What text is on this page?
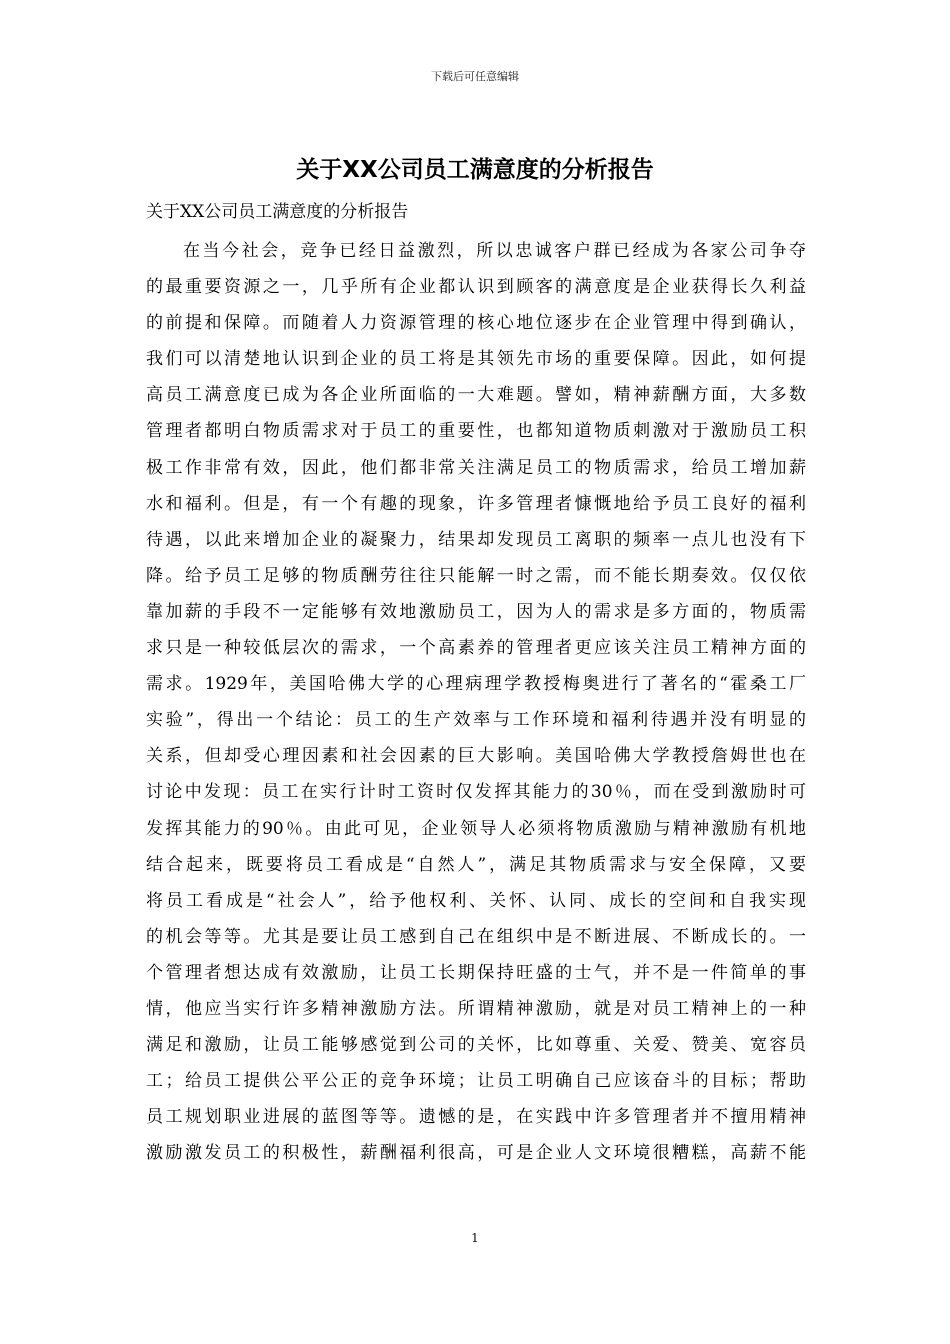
下载后可任意编辑
关于XX公司员工满意度的分析报告

关于XX公司员工满意度的分析报告

在当今社会，竞争已经日益激烈，所以忠诚客户群已经成为各家公司争夺
的最重要资源之一，几乎所有企业都认识到顾客的满意度是企业获得长久利益
的前提和保障。而随着人力资源管理的核心地位逐步在企业管理中得到确认，
我们可以清楚地认识到企业的员工将是其领先市场的重要保障。因此，如何提
高员工满意度已成为各企业所面临的一大难题。譬如，精神薪酬方面，大多数
管理者都明白物质需求对于员工的重要性，也都知道物质刺激对于激励员工积
极工作非常有效，因此，他们都非常关注满足员工的物质需求，给员工增加薪
水和福利。但是，有一个有趣的现象，许多管理者慷慨地给予员工良好的福利
待遇，以此来增加企业的凝聚力，结果却发现员工离职的频率一点儿也没有下
降。给予员工足够的物质酬劳往往只能解一时之需，而不能长期奏效。仅仅依
靠加薪的手段不一定能够有效地激励员工，因为人的需求是多方面的，物质需
求只是一种较低层次的需求，一个高素养的管理者更应该关注员工精神方面的
需求。1929年，美国哈佛大学的心理病理学教授梅奥进行了著名的“霍桑工厂
实验”，得出一个结论：员工的生产效率与工作环境和福利待遇并没有明显的
关系，但却受心理因素和社会因素的巨大影响。美国哈佛大学教授詹姆世也在
讨论中发现：员工在实行计时工资时仅发挥其能力的30％，而在受到激励时可
发挥其能力的90％。由此可见，企业领导人必须将物质激励与精神激励有机地
结合起来，既要将员工看成是“自然人”，满足其物质需求与安全保障，又要
将员工看成是“社会人”，给予他权利、关怀、认同、成长的空间和自我实现
的机会等等。尤其是要让员工感到自己在组织中是不断进展、不断成长的。一
个管理者想达成有效激励，让员工长期保持旺盛的士气，并不是一件简单的事
情，他应当实行许多精神激励方法。所谓精神激励，就是对员工精神上的一种
满足和激励，让员工能够感觉到公司的关怀，比如尊重、关爱、赞美、宽容员
工；给员工提供公平公正的竞争环境；让员工明确自己应该奋斗的目标；帮助
员工规划职业进展的蓝图等等。遗憾的是，在实践中许多管理者并不擅用精神
激励激发员工的积极性，薪酬福利很高，可是企业人文环境很糟糕，高薪不能
1
